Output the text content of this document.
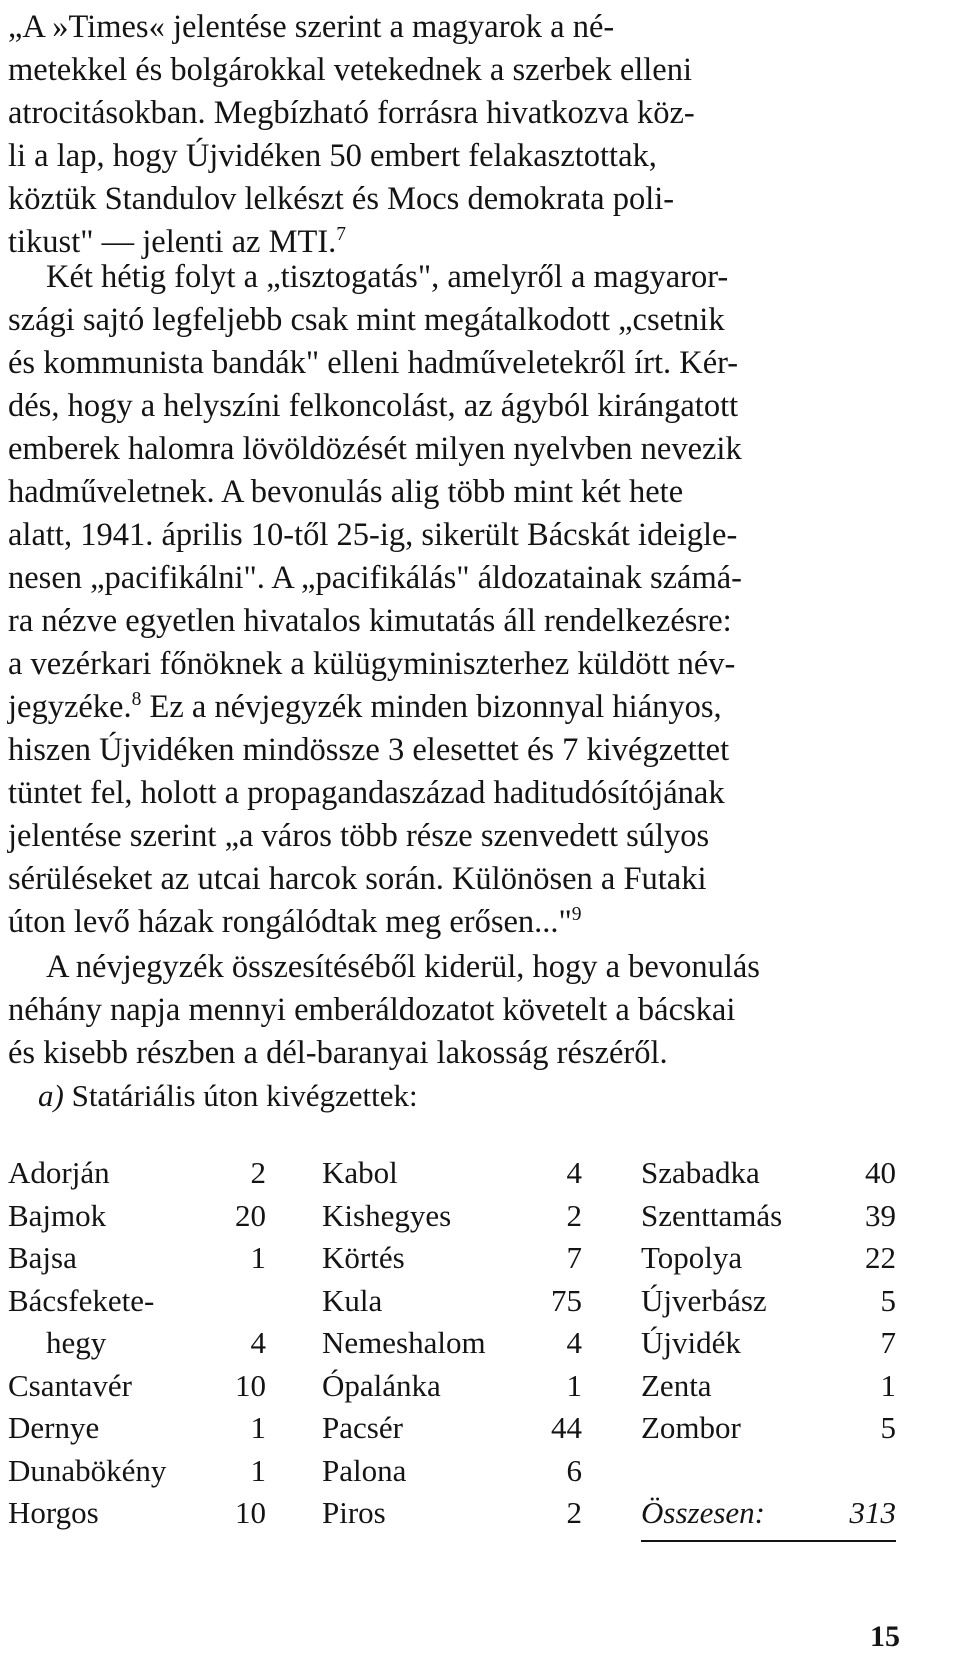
„A »Times« jelentése szerint a magyarok a né-
metekkel és bolgárokkal vetekednek a szerbek elleni
atrocitásokban. Megbízható forrásra hivatkozva köz-
li a lap, hogy Újvidéken 50 embert felakasztottak,
köztük Standulov lelkészt és Mocs demokrata poli-
tikust" — jelenti az MTI.$^7$

Két hétig folyt a „tisztogatás", amelyről a magyaror-
szági sajtó legfeljebb csak mint megátalkodott „csetnik
és kommunista bandák" elleni hadműveletekről írt. Kér-
dés, hogy a helyszíni felkoncolást, az ágyból kirángatott
emberek halomra lövöldözését milyen nyelvben nevezik
hadműveletnek. A bevonulás alig több mint két hete
alatt, 1941. április 10-től 25-ig, sikerült Bácskát ideigle-
nesen „pacifikálni". A „pacifikálás" áldozatainak számá-
ra nézve egyetlen hivatalos kimutatás áll rendelkezésre:
a vezérkari főnöknek a külügyminiszterhez küldött név-
jegyzéke.$^8$ Ez a névjegyzék minden bizonnyal hiányos,
hiszen Újvidéken mindössze 3 elesettet és 7 kivégzettet
tüntet fel, holott a propagandaszázad haditudósítójának
jelentése szerint „a város több része szenvedett súlyos
sérüléseket az utcai harcok során. Különösen a Futaki
úton levő házak rongálódtak meg erősen..."$^9$

A névjegyzék összesítéséből kiderül, hogy a bevonulás
néhány napja mennyi emberáldozatot követelt a bácskai
és kisebb részben a dél-baranyai lakosság részéről.

a) Statáriális úton kivégzettek:

Adorján	2
Bajmok	20
Bajsa	1
Bácsfekete-
hegy	4
Csantavér	10
Dernye	1
Dunabökény	1
Horgos	10
Kabol	4
Kishegyes	2
Körtés	7
Kula	75
Nemeshalom	4
Ópalánka	1
Pacsér	44
Palona	6
Piros	2
Szabadka	40
Szenttamás	39
Topolya	22
Újverbász	5
Újvidék	7
Zenta	1
Zombor	5
Összesen:	313

15
